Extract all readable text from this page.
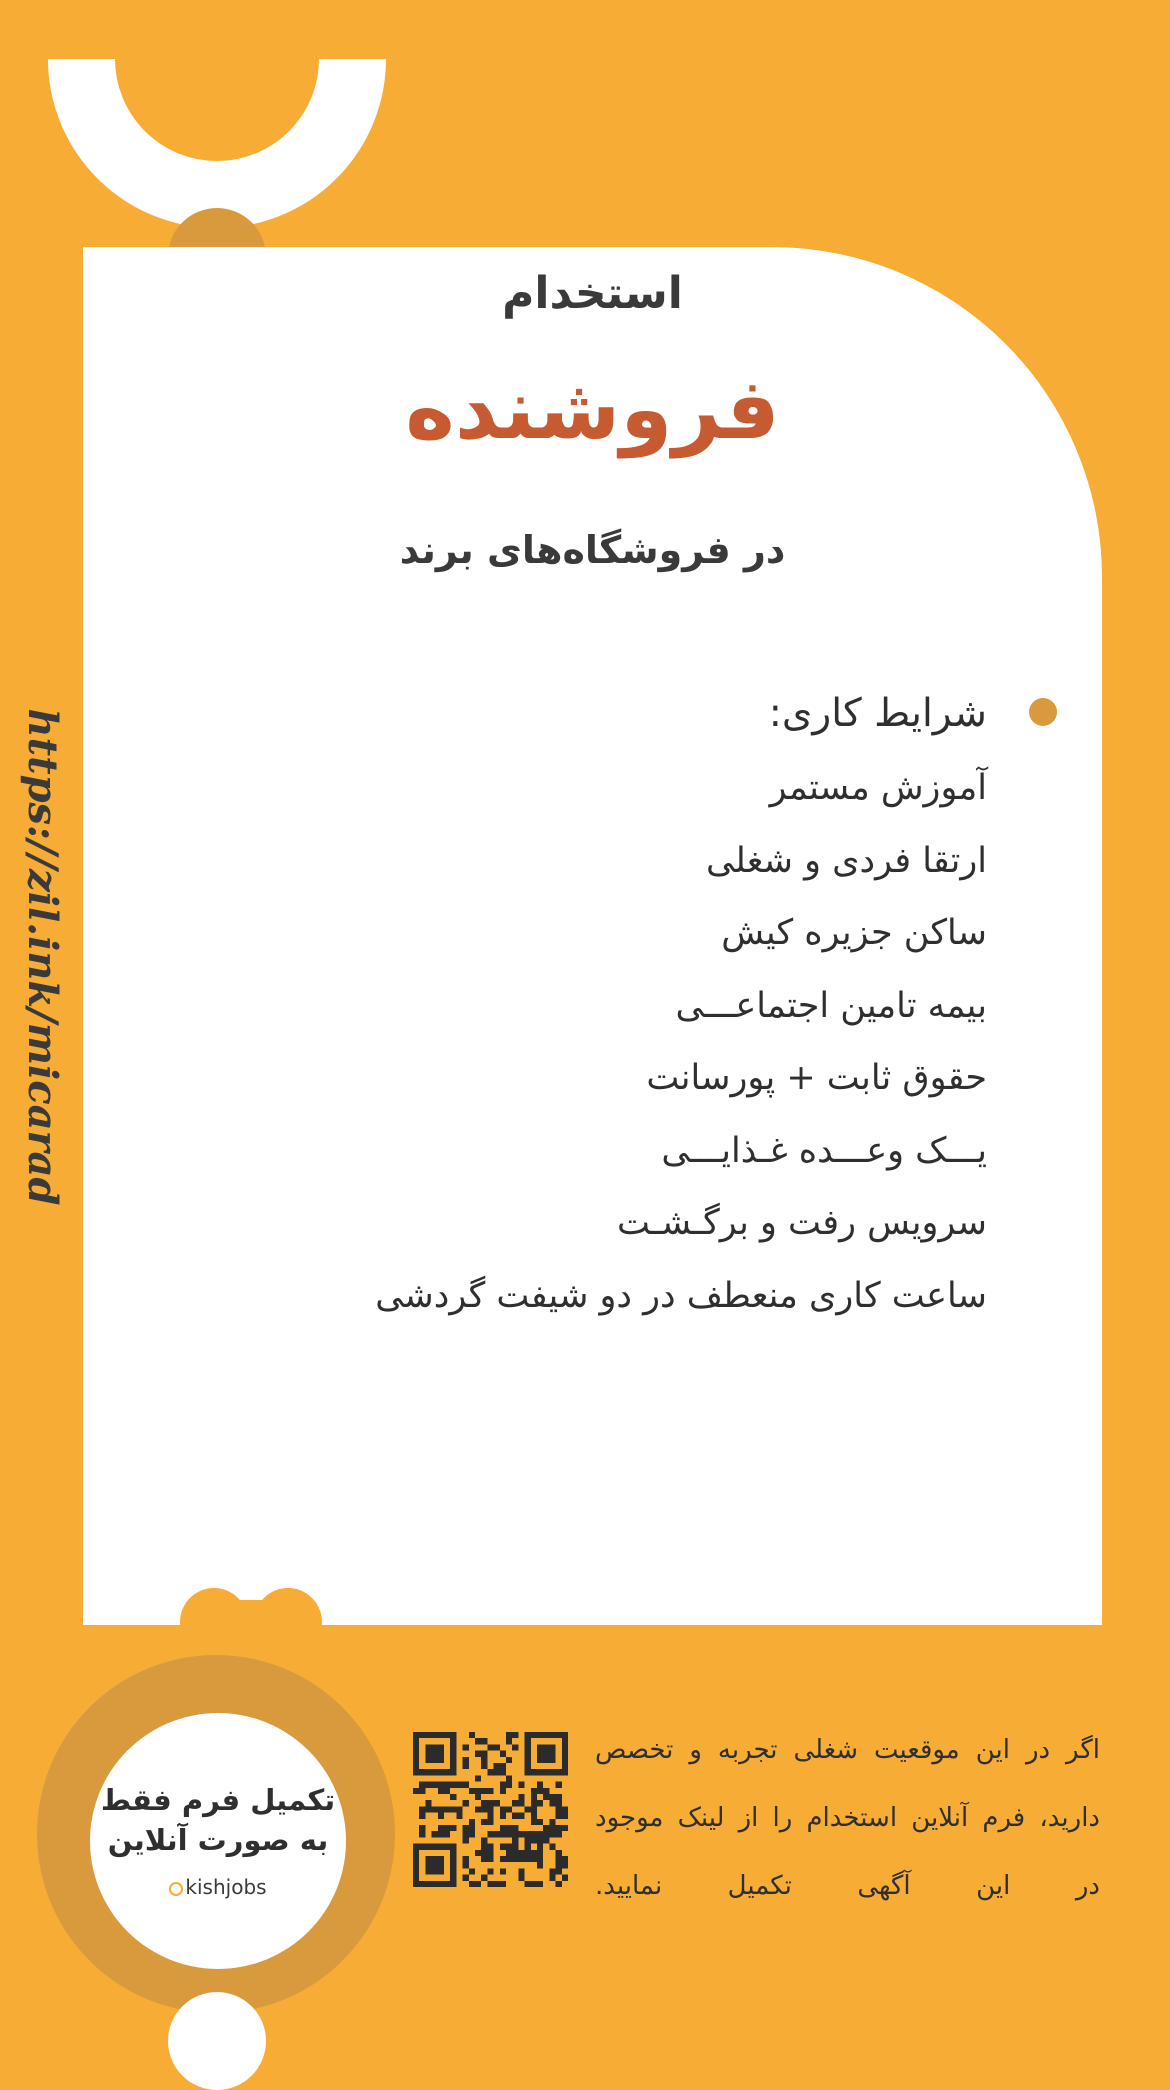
استخدام
فروشنده
در فروشگاه‌های برند
شرایط کاری:
آموزش مستمر
ارتقا فردی و شغلی
ساکن جزیره کیش
بیمه تامین اجتماعـــی
حقوق ثابت + پورسانت
یـــک وعـــده غـذایـــی
سرویس رفت و برگـشـت
ساعت کاری منعطف در دو شیفت گردشی
https://zil.ink/micarad
تکمیل فرم فقط
به صورت آنلاین
kishjobs
اگر در این موقعیت شغلی تجربه و تخصص
دارید، فرم آنلاین استخدام را از لینک موجود
در این آگهی تکمیل نمایید.
